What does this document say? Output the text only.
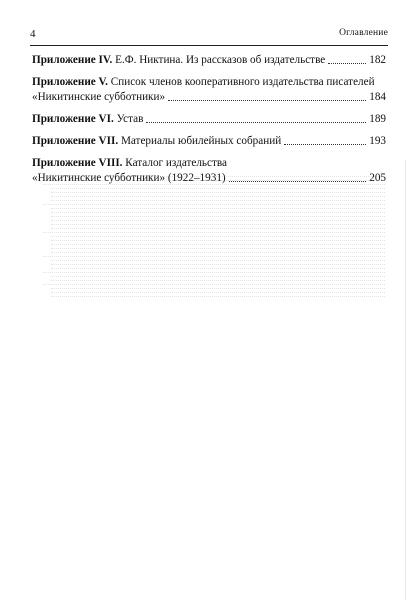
4	Оглавление
Приложение IV. Е.Ф. Никтина. Из рассказов об издательстве	182
Приложение V. Список членов кооперативного издательства писателей
«Никитинские субботники»	184
Приложение VI. Устав	189
Приложение VII. Материалы юбилейных собраний	193
Приложение VIII. Каталог издательства
«Никитинские субботники» (1922–1931)	205
